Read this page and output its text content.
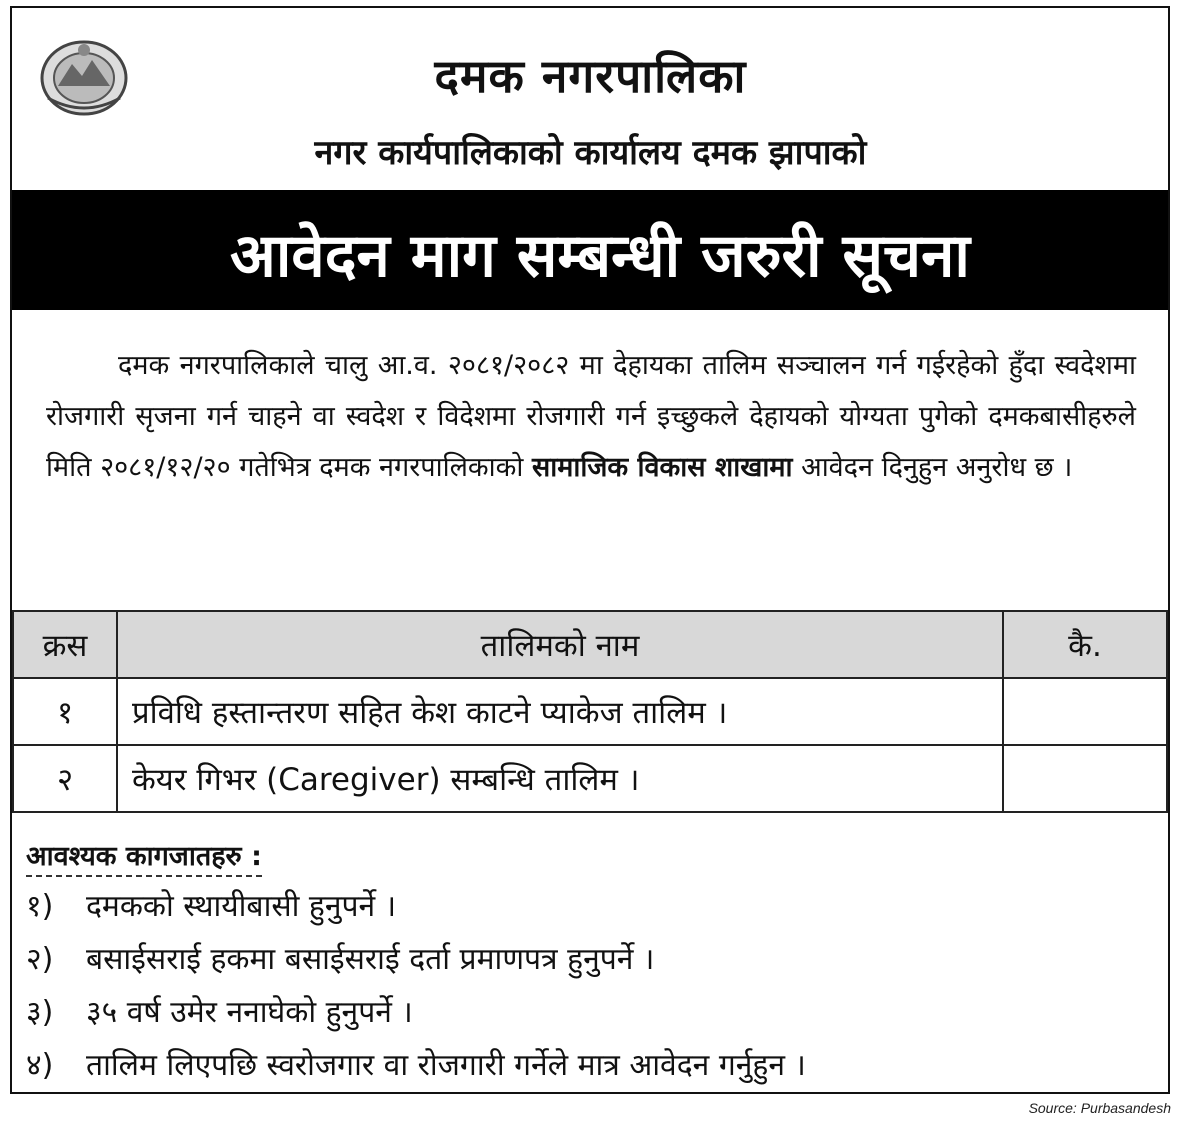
दमक नगरपालिका
नगर कार्यपालिकाको कार्यालय दमक झापाको
आवेदन माग सम्बन्धी जरुरी सूचना
दमक नगरपालिकाले चालु आ.व. २०८१/२०८२ मा देहायका तालिम सञ्चालन गर्न गईरहेको हुँदा स्वदेशमा रोजगारी सृजना गर्न चाहने वा स्वदेश र विदेशमा रोजगारी गर्न इच्छुकले देहायको योग्यता पुगेको दमकबासीहरुले मिति २०८१/१२/२० गतेभित्र दमक नगरपालिकाको सामाजिक विकास शाखामा आवेदन दिनुहुन अनुरोध छ ।
क्रस	तालिमको नाम	कै.
१	प्रविधि हस्तान्तरण सहित केश काटने प्याकेज तालिम ।	
२	केयर गिभर (Caregiver) सम्बन्धि तालिम ।	
आवश्यक कागजातहरु :
१) दमकको स्थायीबासी हुनुपर्ने ।
२) बसाईसराई हकमा बसाईसराई दर्ता प्रमाणपत्र हुनुपर्ने ।
३) ३५ वर्ष उमेर ननाघेको हुनुपर्ने ।
४) तालिम लिएपछि स्वरोजगार वा रोजगारी गर्नेले मात्र आवेदन गर्नुहुन ।
Source: Purbasandesh
